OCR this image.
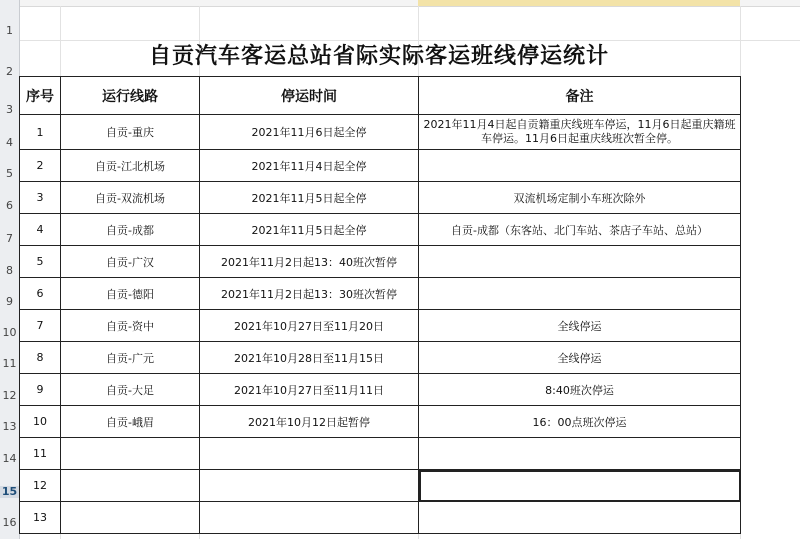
1
2
3
4
5
6
7
8
9
10
11
12
13
14
15
16
自贡汽车客运总站省际实际客运班线停运统计
序号	运行线路	停运时间	备注
1	自贡-重庆	2021年11月6日起全停	2021年11月4日起自贡籍重庆线班车停运，11月6日起重庆籍班车停运。11月6日起重庆线班次暂全停。
2	自贡-江北机场	2021年11月4日起全停	
3	自贡-双流机场	2021年11月5日起全停	双流机场定制小车班次除外
4	自贡-成都	2021年11月5日起全停	自贡-成都（东客站、北门车站、茶店子车站、总站）
5	自贡-广汉	2021年11月2日起13：40班次暂停	
6	自贡-德阳	2021年11月2日起13：30班次暂停	
7	自贡-资中	2021年10月27日至11月20日	全线停运
8	自贡-广元	2021年10月28日至11月15日	全线停运
9	自贡-大足	2021年10月27日至11月11日	8:40班次停运
10	自贡-峨眉	2021年10月12日起暂停	16：00点班次停运
11			
12			
13			
